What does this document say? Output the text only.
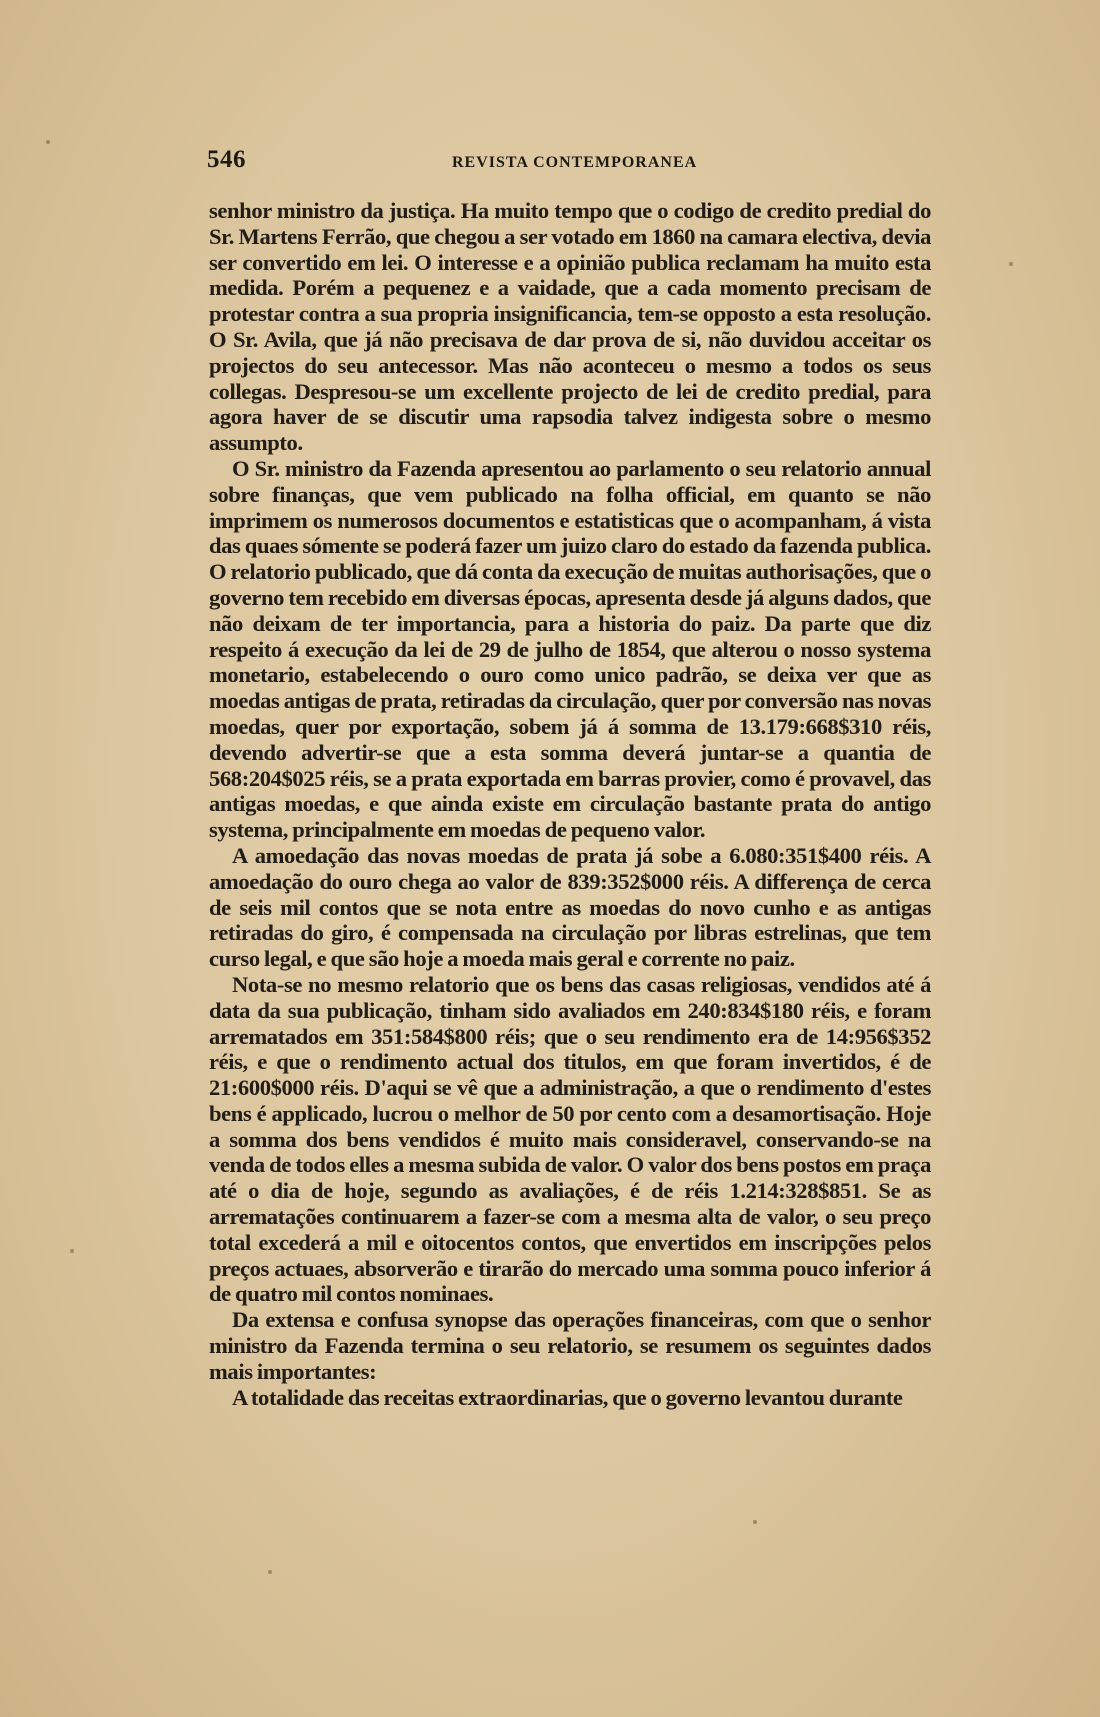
546	REVISTA CONTEMPORANEA

senhor ministro da justiça. Ha muito tempo que o codigo de credito predial do Sr. Martens Ferrão, que chegou a ser votado em 1860 na camara electiva, devia ser convertido em lei. O interesse e a opinião publica reclamam ha muito esta medida. Porém a pequenez e a vaidade, que a cada momento precisam de protestar contra a sua propria insignificancia, tem-se opposto a esta resolução. O Sr. Avila, que já não precisava de dar prova de si, não duvidou acceitar os projectos do seu antecessor. Mas não aconteceu o mesmo a todos os seus collegas. Despresou-se um excellente projecto de lei de credito predial, para agora haver de se discutir uma rapsodia talvez indigesta sobre o mesmo assumpto.

O Sr. ministro da Fazenda apresentou ao parlamento o seu relatorio annual sobre finanças, que vem publicado na folha official, em quanto se não imprimem os numerosos documentos e estatisticas que o acompanham, á vista das quaes sómente se poderá fazer um juizo claro do estado da fazenda publica. O relatorio publicado, que dá conta da execução de muitas authorisações, que o governo tem recebido em diversas épocas, apresenta desde já alguns dados, que não deixam de ter importancia, para a historia do paiz. Da parte que diz respeito á execução da lei de 29 de julho de 1854, que alterou o nosso systema monetario, estabelecendo o ouro como unico padrão, se deixa ver que as moedas antigas de prata, retiradas da circulação, quer por conversão nas novas moedas, quer por exportação, sobem já á somma de 13.179:668$310 réis, devendo advertir-se que a esta somma deverá juntar-se a quantia de 568:204$025 réis, se a prata exportada em barras provier, como é provavel, das antigas moedas, e que ainda existe em circulação bastante prata do antigo systema, principalmente em moedas de pequeno valor.

A amoedação das novas moedas de prata já sobe a 6.080:351$400 réis. A amoedação do ouro chega ao valor de 839:352$000 réis. A differença de cerca de seis mil contos que se nota entre as moedas do novo cunho e as antigas retiradas do giro, é compensada na circulação por libras estrelinas, que tem curso legal, e que são hoje a moeda mais geral e corrente no paiz.

Nota-se no mesmo relatorio que os bens das casas religiosas, vendidos até á data da sua publicação, tinham sido avaliados em 240:834$180 réis, e foram arrematados em 351:584$800 réis; que o seu rendimento era de 14:956$352 réis, e que o rendimento actual dos titulos, em que foram invertidos, é de 21:600$000 réis. D'aqui se vê que a administração, a que o rendimento d'estes bens é applicado, lucrou o melhor de 50 por cento com a desamortisação. Hoje a somma dos bens vendidos é muito mais consideravel, conservando-se na venda de todos elles a mesma subida de valor. O valor dos bens postos em praça até o dia de hoje, segundo as avaliações, é de réis 1.214:328$851. Se as arrematações continuarem a fazer-se com a mesma alta de valor, o seu preço total excederá a mil e oitocentos contos, que envertidos em inscripções pelos preços actuaes, absorverão e tirarão do mercado uma somma pouco inferior á de quatro mil contos nominaes.

Da extensa e confusa synopse das operações financeiras, com que o senhor ministro da Fazenda termina o seu relatorio, se resumem os seguintes dados mais importantes:

A totalidade das receitas extraordinarias, que o governo levantou durante
